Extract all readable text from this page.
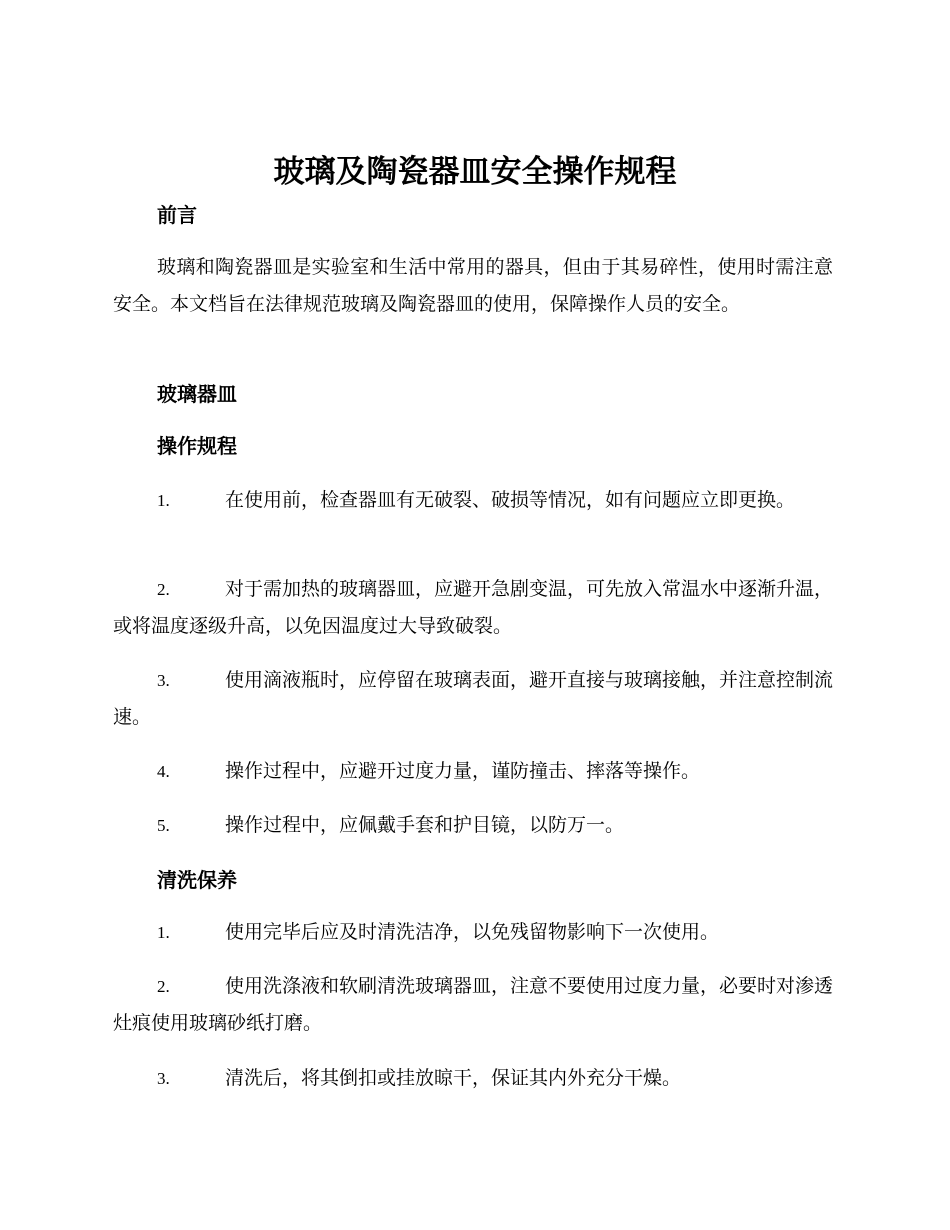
玻璃及陶瓷器皿安全操作规程
前言

玻璃和陶瓷器皿是实验室和生活中常用的器具，但由于其易碎性，使用时需注意安全。本文档旨在法律规范玻璃及陶瓷器皿的使用，保障操作人员的安全。

玻璃器皿
操作规程
1.	在使用前，检查器皿有无破裂、破损等情况，如有问题应立即更换。
2.	对于需加热的玻璃器皿，应避开急剧变温，可先放入常温水中逐渐升温，或将温度逐级升高，以免因温度过大导致破裂。
3.	使用滴液瓶时，应停留在玻璃表面，避开直接与玻璃接触，并注意控制流速。
4.	操作过程中，应避开过度力量，谨防撞击、摔落等操作。
5.	操作过程中，应佩戴手套和护目镜，以防万一。
清洗保养
1.	使用完毕后应及时清洗洁净，以免残留物影响下一次使用。
2.	使用洗涤液和软刷清洗玻璃器皿，注意不要使用过度力量，必要时对渗透灶痕使用玻璃砂纸打磨。
3.	清洗后，将其倒扣或挂放晾干，保证其内外充分干燥。
